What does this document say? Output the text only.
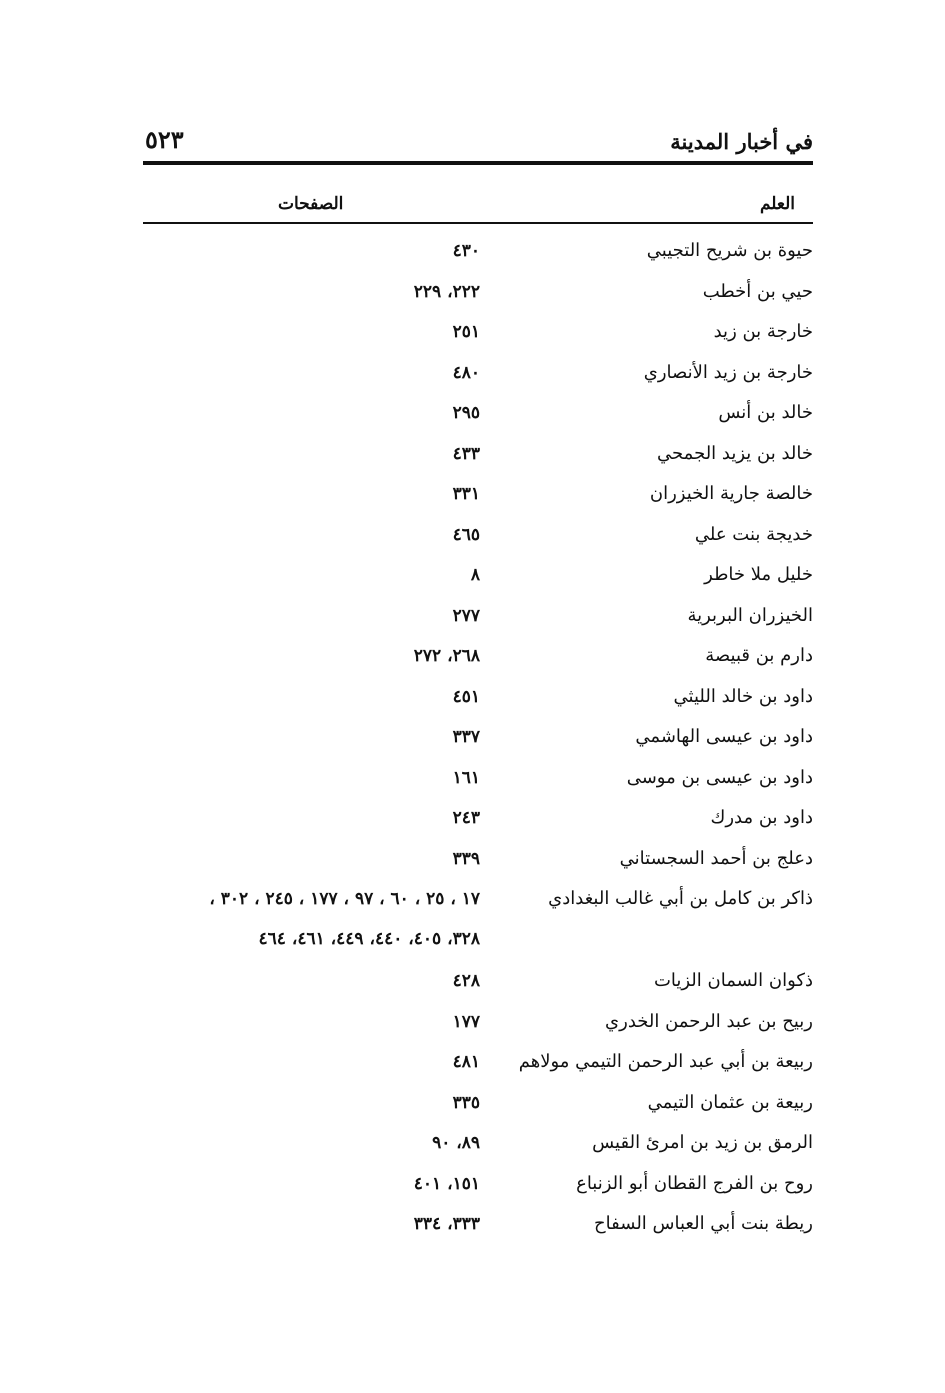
في أخبار المدينة
٥٢٣
العلم
الصفحات
حيوة بن شريح التجيبي
٤٣٠
حيي بن أخطب
٢٢٢، ٢٢٩
خارجة بن زيد
٢٥١
خارجة بن زيد الأنصاري
٤٨٠
خالد بن أنس
٢٩٥
خالد بن يزيد الجمحي
٤٣٣
خالصة جارية الخيزران
٣٣١
خديجة بنت علي
٤٦٥
خليل ملا خاطر
٨
الخيزران البربرية
٢٧٧
دارم بن قبيصة
٢٦٨، ٢٧٢
داود بن خالد الليثي
٤٥١
داود بن عيسى الهاشمي
٣٣٧
داود بن عيسى بن موسى
١٦١
داود بن مدرك
٢٤٣
دعلج بن أحمد السجستاني
٣٣٩
ذاكر بن كامل بن أبي غالب البغدادي
١٧ ، ٢٥ ، ٦٠ ، ٩٧ ، ١٧٧ ، ٢٤٥ ، ٣٠٢ ،
٣٢٨، ٤٠٥، ٤٤٠، ٤٤٩، ٤٦١، ٤٦٤
ذكوان السمان الزيات
٤٢٨
ربيح بن عبد الرحمن الخدري
١٧٧
ربيعة بن أبي عبد الرحمن التيمي مولاهم
٤٨١
ربيعة بن عثمان التيمي
٣٣٥
الرمق بن زيد بن امرئ القيس
٨٩، ٩٠
روح بن الفرج القطان أبو الزنباع
١٥١، ٤٠١
ريطة بنت أبي العباس السفاح
٣٣٣، ٣٣٤
